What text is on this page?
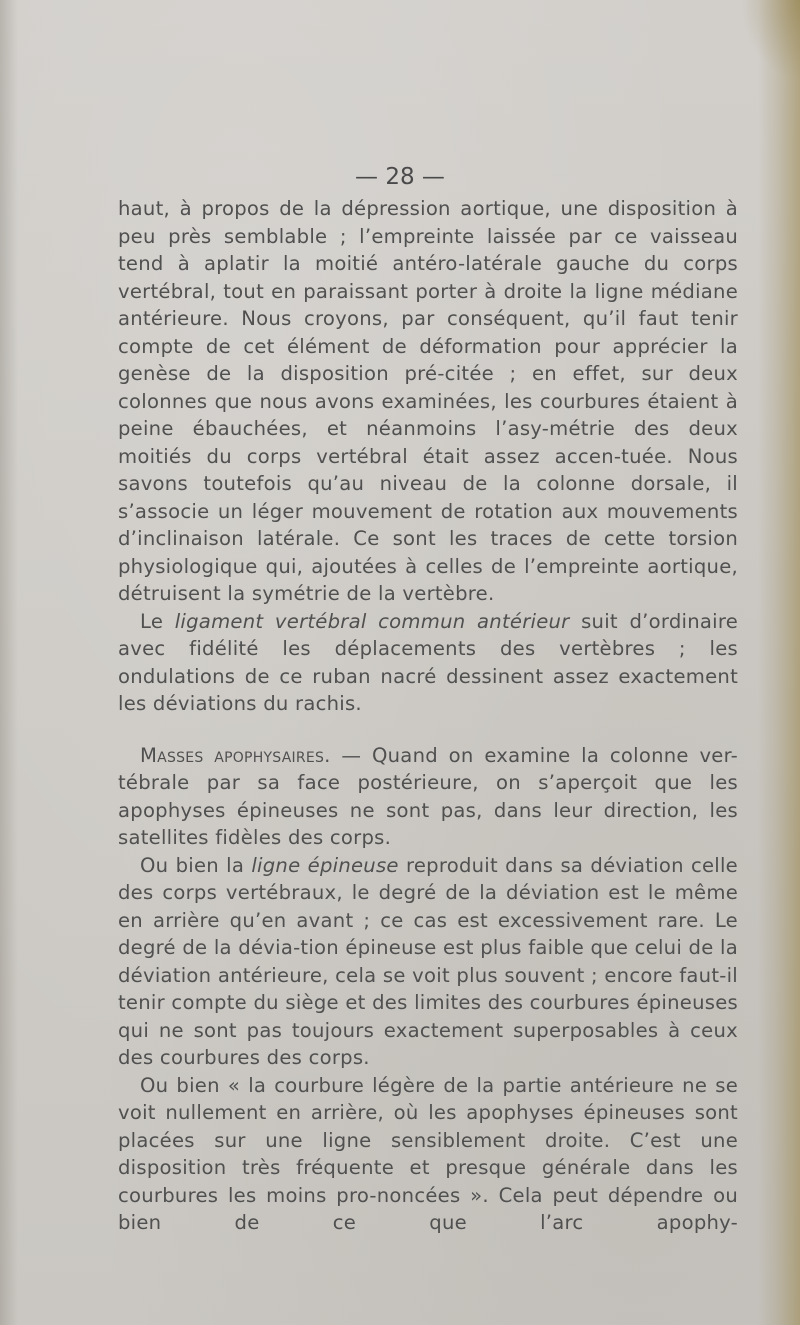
— 28 —

haut, à propos de la dépression aortique, une disposition à peu près semblable ; l’empreinte laissée par ce vaisseau tend à aplatir la moitié antéro-latérale gauche du corps vertébral, tout en paraissant porter à droite la ligne médiane antérieure. Nous croyons, par conséquent, qu’il faut tenir compte de cet élément de déformation pour apprécier la genèse de la disposition pré-citée ; en effet, sur deux colonnes que nous avons examinées, les courbures étaient à peine ébauchées, et néanmoins l’asy-métrie des deux moitiés du corps vertébral était assez accen-tuée. Nous savons toutefois qu’au niveau de la colonne dorsale, il s’associe un léger mouvement de rotation aux mouvements d’inclinaison latérale. Ce sont les traces de cette torsion physiologique qui, ajoutées à celles de l’empreinte aortique, détruisent la symétrie de la vertèbre.

Le ligament vertébral commun antérieur suit d’ordinaire avec fidélité les déplacements des vertèbres ; les ondulations de ce ruban nacré dessinent assez exactement les déviations du rachis.

Masses apophysaires. — Quand on examine la colonne ver-tébrale par sa face postérieure, on s’aperçoit que les apophyses épineuses ne sont pas, dans leur direction, les satellites fidèles des corps.

Ou bien la ligne épineuse reproduit dans sa déviation celle des corps vertébraux, le degré de la déviation est le même en arrière qu’en avant ; ce cas est excessivement rare. Le degré de la dévia-tion épineuse est plus faible que celui de la déviation antérieure, cela se voit plus souvent ; encore faut-il tenir compte du siège et des limites des courbures épineuses qui ne sont pas toujours exactement superposables à ceux des courbures des corps.

Ou bien « la courbure légère de la partie antérieure ne se voit nullement en arrière, où les apophyses épineuses sont placées sur une ligne sensiblement droite. C’est une disposition très fréquente et presque générale dans les courbures les moins pro-noncées ». Cela peut dépendre ou bien de ce que l’arc apophy-
